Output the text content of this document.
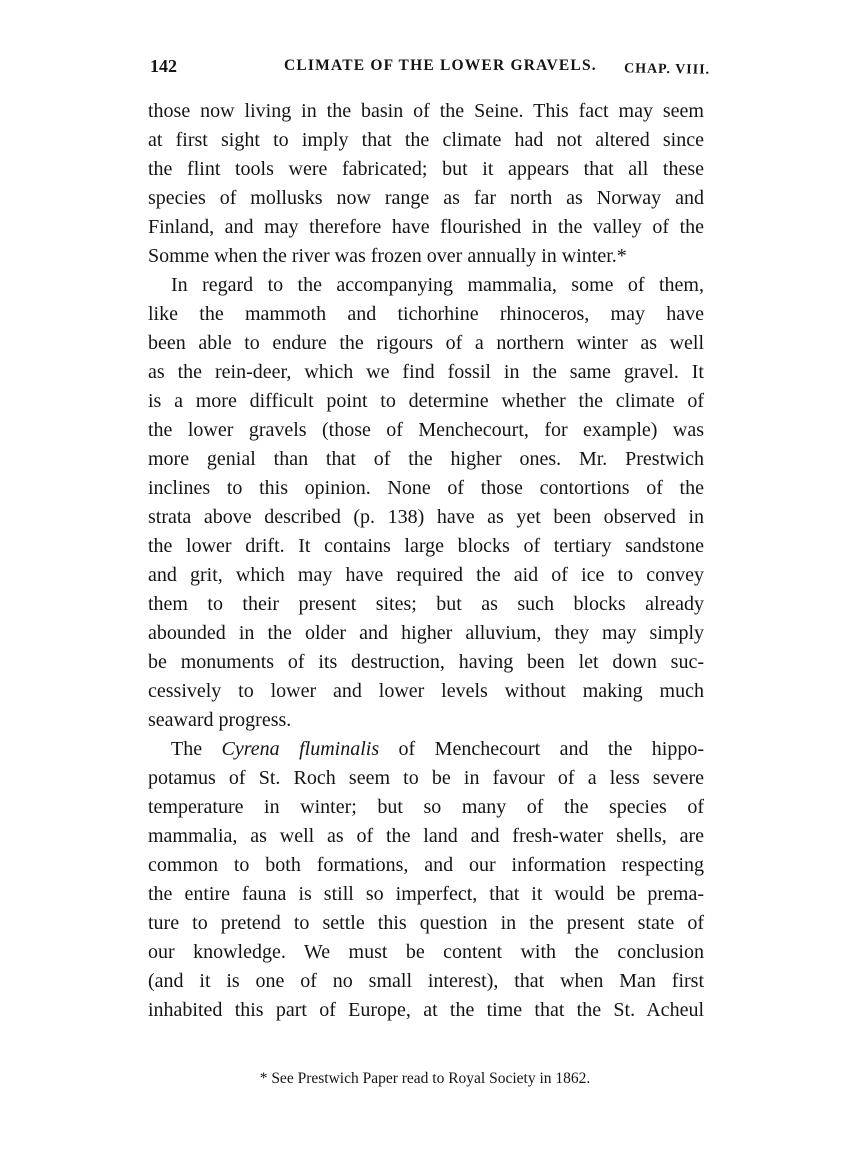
142	CLIMATE OF THE LOWER GRAVELS. CHAP. VIII.
those now living in the basin of the Seine. This fact may seem
at first sight to imply that the climate had not altered since
the flint tools were fabricated; but it appears that all these
species of mollusks now range as far north as Norway and
Finland, and may therefore have flourished in the valley of the
Somme when the river was frozen over annually in winter.*
In regard to the accompanying mammalia, some of them,
like the mammoth and tichorhine rhinoceros, may have
been able to endure the rigours of a northern winter as well
as the rein-deer, which we find fossil in the same gravel. It
is a more difficult point to determine whether the climate of
the lower gravels (those of Menchecourt, for example) was
more genial than that of the higher ones. Mr. Prestwich
inclines to this opinion. None of those contortions of the
strata above described (p. 138) have as yet been observed in
the lower drift. It contains large blocks of tertiary sandstone
and grit, which may have required the aid of ice to convey
them to their present sites; but as such blocks already
abounded in the older and higher alluvium, they may simply
be monuments of its destruction, having been let down suc-
cessively to lower and lower levels without making much
seaward progress.
The Cyrena fluminalis of Menchecourt and the hippo-
potamus of St. Roch seem to be in favour of a less severe
temperature in winter; but so many of the species of
mammalia, as well as of the land and fresh-water shells, are
common to both formations, and our information respecting
the entire fauna is still so imperfect, that it would be prema-
ture to pretend to settle this question in the present state of
our knowledge. We must be content with the conclusion
(and it is one of no small interest), that when Man first
inhabited this part of Europe, at the time that the St. Acheul
* See Prestwich Paper read to Royal Society in 1862.
